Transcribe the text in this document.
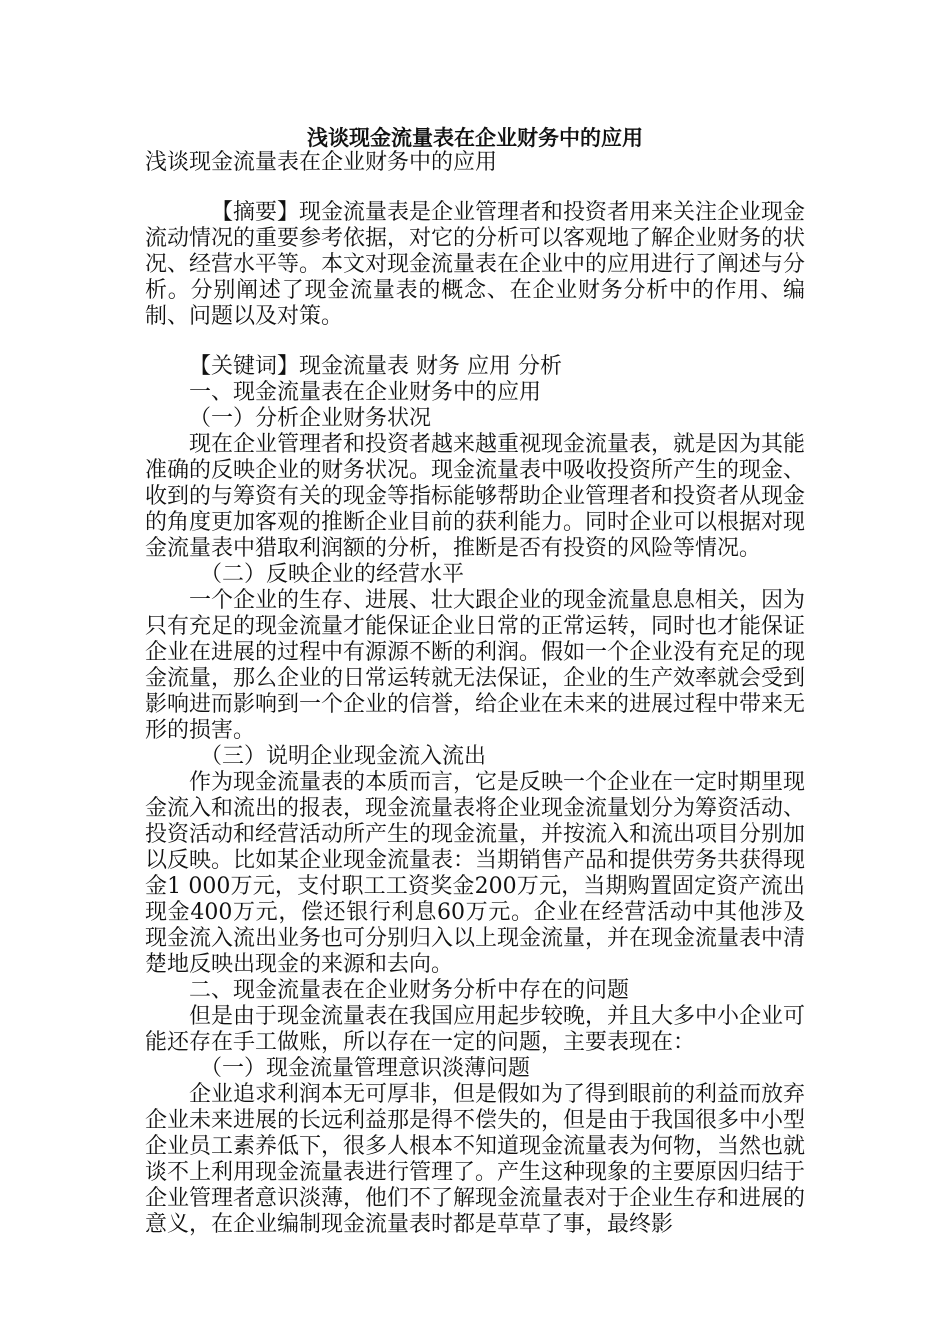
浅谈现金流量表在企业财务中的应用

浅谈现金流量表在企业财务中的应用

【摘要】现金流量表是企业管理者和投资者用来关注企业现金流动情况的重要参考依据，对它的分析可以客观地了解企业财务的状况、经营水平等。本文对现金流量表在企业中的应用进行了阐述与分析。分别阐述了现金流量表的概念、在企业财务分析中的作用、编制、问题以及对策。

【关键词】现金流量表 财务 应用 分析

一、现金流量表在企业财务中的应用

（一）分析企业财务状况

现在企业管理者和投资者越来越重视现金流量表，就是因为其能准确的反映企业的财务状况。现金流量表中吸收投资所产生的现金、收到的与筹资有关的现金等指标能够帮助企业管理者和投资者从现金的角度更加客观的推断企业目前的获利能力。同时企业可以根据对现金流量表中猎取利润额的分析，推断是否有投资的风险等情况。

（二）反映企业的经营水平

一个企业的生存、进展、壮大跟企业的现金流量息息相关，因为只有充足的现金流量才能保证企业日常的正常运转，同时也才能保证企业在进展的过程中有源源不断的利润。假如一个企业没有充足的现金流量，那么企业的日常运转就无法保证，企业的生产效率就会受到影响进而影响到一个企业的信誉，给企业在未来的进展过程中带来无形的损害。

（三）说明企业现金流入流出

作为现金流量表的本质而言，它是反映一个企业在一定时期里现金流入和流出的报表，现金流量表将企业现金流量划分为筹资活动、投资活动和经营活动所产生的现金流量，并按流入和流出项目分别加以反映。比如某企业现金流量表：当期销售产品和提供劳务共获得现金1 000万元，支付职工工资奖金200万元，当期购置固定资产流出现金400万元，偿还银行利息60万元。企业在经营活动中其他涉及现金流入流出业务也可分别归入以上现金流量，并在现金流量表中清楚地反映出现金的来源和去向。

二、现金流量表在企业财务分析中存在的问题

但是由于现金流量表在我国应用起步较晚，并且大多中小企业可能还存在手工做账，所以存在一定的问题，主要表现在：

（一）现金流量管理意识淡薄问题

企业追求利润本无可厚非，但是假如为了得到眼前的利益而放弃企业未来进展的长远利益那是得不偿失的，但是由于我国很多中小型企业员工素养低下，很多人根本不知道现金流量表为何物，当然也就谈不上利用现金流量表进行管理了。产生这种现象的主要原因归结于企业管理者意识淡薄，他们不了解现金流量表对于企业生存和进展的意义，在企业编制现金流量表时都是草草了事，最终影
